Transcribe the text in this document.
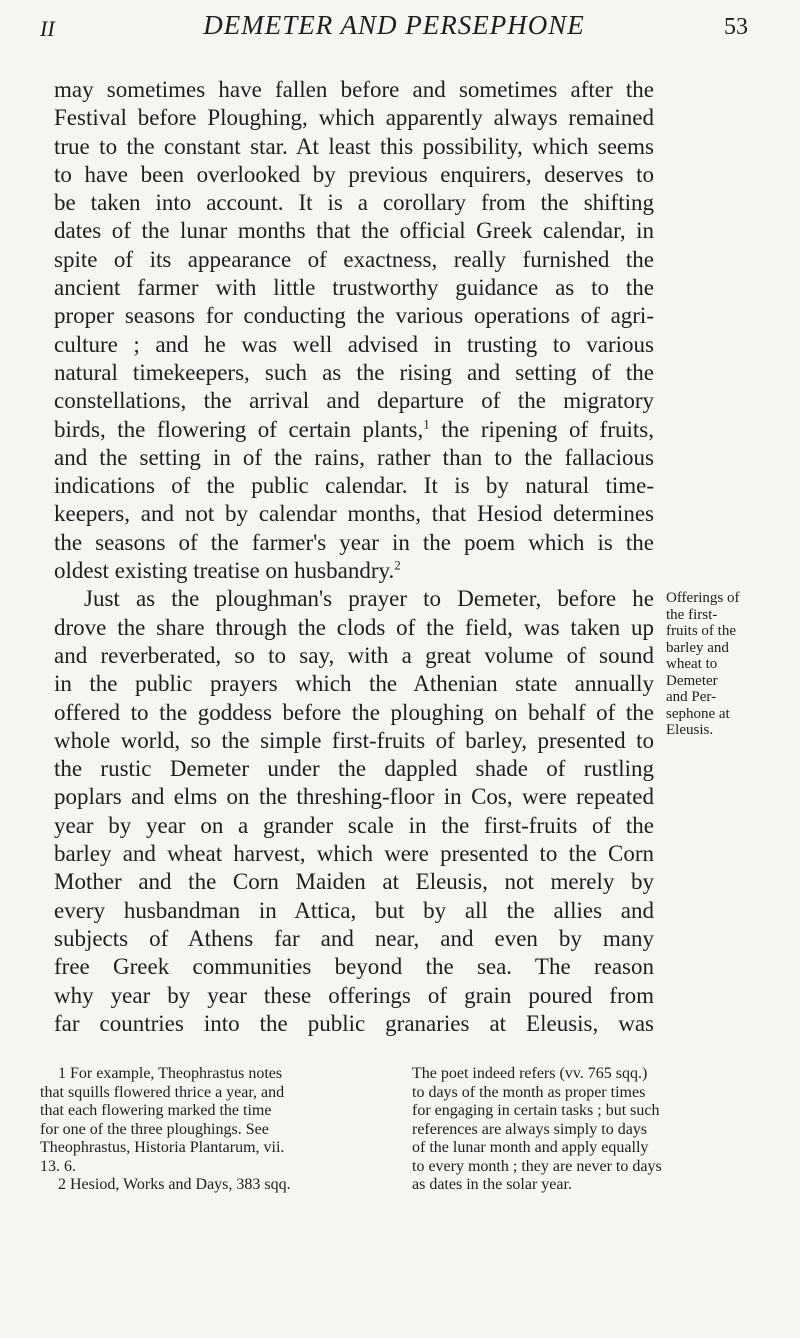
II	DEMETER AND PERSEPHONE	53
may sometimes have fallen before and sometimes after the
Festival before Ploughing, which apparently always remained
true to the constant star. At least this possibility, which seems
to have been overlooked by previous enquirers, deserves to
be taken into account. It is a corollary from the shifting
dates of the lunar months that the official Greek calendar, in
spite of its appearance of exactness, really furnished the
ancient farmer with little trustworthy guidance as to the
proper seasons for conducting the various operations of agri-
culture ; and he was well advised in trusting to various
natural timekeepers, such as the rising and setting of the
constellations, the arrival and departure of the migratory
birds, the flowering of certain plants,$^1$ the ripening of fruits,
and the setting in of the rains, rather than to the fallacious
indications of the public calendar. It is by natural time-
keepers, and not by calendar months, that Hesiod determines
the seasons of the farmer's year in the poem which is the
oldest existing treatise on husbandry.$^2$
Just as the ploughman's prayer to Demeter, before he
drove the share through the clods of the field, was taken up
and reverberated, so to say, with a great volume of sound
in the public prayers which the Athenian state annually
offered to the goddess before the ploughing on behalf of the
whole world, so the simple first-fruits of barley, presented to
the rustic Demeter under the dappled shade of rustling
poplars and elms on the threshing-floor in Cos, were repeated
year by year on a grander scale in the first-fruits of the
barley and wheat harvest, which were presented to the Corn
Mother and the Corn Maiden at Eleusis, not merely by
every husbandman in Attica, but by all the allies and
subjects of Athens far and near, and even by many
free Greek communities beyond the sea. The reason
why year by year these offerings of grain poured from
far countries into the public granaries at Eleusis, was
Offerings of
the first-
fruits of the
barley and
wheat to
Demeter
and Per-
sephone at
Eleusis.
1 For example, Theophrastus notes
that squills flowered thrice a year, and
that each flowering marked the time
for one of the three ploughings. See
Theophrastus, Historia Plantarum, vii.
13. 6.
2 Hesiod, Works and Days, 383 sqq.
The poet indeed refers (vv. 765 sqq.)
to days of the month as proper times
for engaging in certain tasks ; but such
references are always simply to days
of the lunar month and apply equally
to every month ; they are never to days
as dates in the solar year.
